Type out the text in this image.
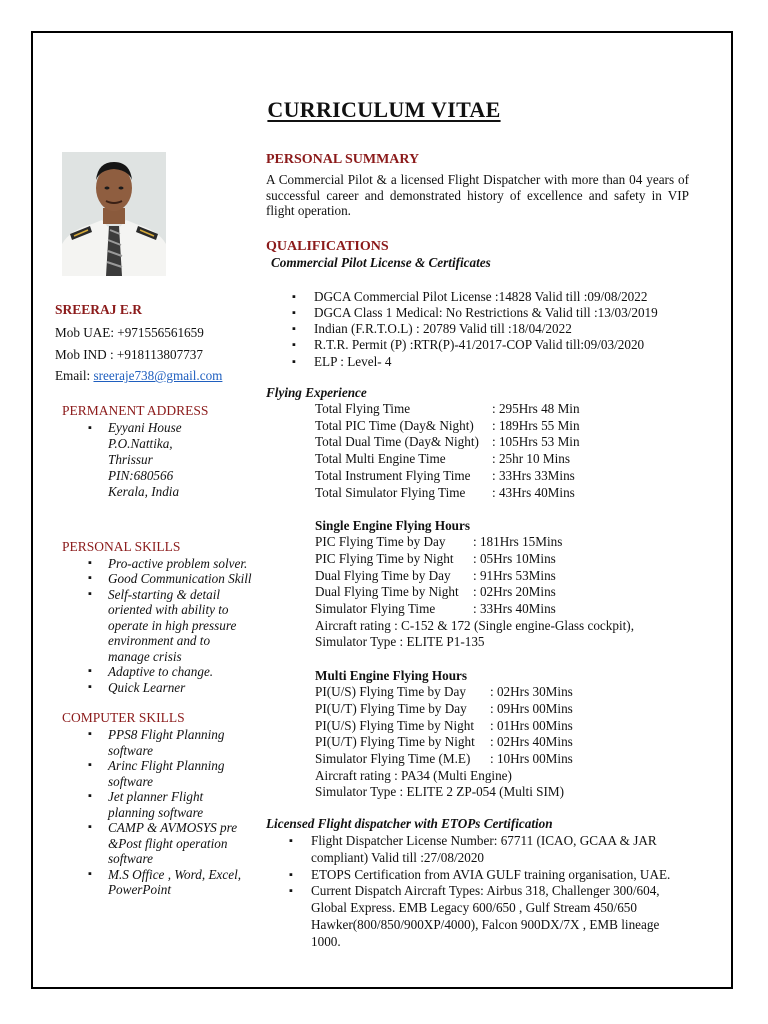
CURRICULUM VITAE
SREERAJ E.R
Mob UAE: +971556561659
Mob IND : +918113807737
Email: sreeraje738@gmail.com
PERMANENT ADDRESS
▪ Eyyani House
P.O.Nattika,
Thrissur
PIN:680566
Kerala, India
PERSONAL SKILLS
▪ Pro-active problem solver.
▪ Good Communication Skill
▪ Self-starting & detail oriented with ability to operate in high pressure environment and to manage crisis
▪ Adaptive to change.
▪ Quick Learner
COMPUTER SKILLS
▪ PPS8 Flight Planning software
▪ Arinc Flight Planning software
▪ Jet planner Flight planning software
▪ CAMP & AVMOSYS pre &Post flight operation software
▪ M.S Office , Word, Excel, PowerPoint
PERSONAL SUMMARY
A Commercial Pilot & a licensed Flight Dispatcher with more than 04 years of successful career and demonstrated history of excellence and safety in VIP flight operation.
QUALIFICATIONS
Commercial Pilot License & Certificates
▪ DGCA Commercial Pilot License :14828 Valid till :09/08/2022
▪ DGCA Class 1 Medical: No Restrictions & Valid till :13/03/2019
▪ Indian (F.R.T.O.L) : 20789 Valid till :18/04/2022
▪ R.T.R. Permit (P) :RTR(P)-41/2017-COP Valid till:09/03/2020
▪ ELP : Level- 4
Flying Experience
Total Flying Time	: 295Hrs 48 Min
Total PIC Time (Day& Night)	: 189Hrs 55 Min
Total Dual Time (Day& Night) : 105Hrs 53 Min
Total Multi Engine Time	: 25hr 10 Mins
Total Instrument Flying Time	: 33Hrs 33Mins
Total Simulator Flying Time	: 43Hrs 40Mins
Single Engine Flying Hours
PIC Flying Time by Day	: 181Hrs 15Mins
PIC Flying Time by Night	: 05Hrs 10Mins
Dual Flying Time by Day	: 91Hrs 53Mins
Dual Flying Time by Night	: 02Hrs 20Mins
Simulator Flying Time	: 33Hrs 40Mins
Aircraft rating : C-152 & 172 (Single engine-Glass cockpit),
Simulator Type : ELITE P1-135
Multi Engine Flying Hours
PI(U/S) Flying Time by Day	: 02Hrs 30Mins
PI(U/T) Flying Time by Day	: 09Hrs 00Mins
PI(U/S) Flying Time by Night	: 01Hrs 00Mins
PI(U/T) Flying Time by Night	: 02Hrs 40Mins
Simulator Flying Time (M.E)	: 10Hrs 00Mins
Aircraft rating : PA34 (Multi Engine)
Simulator Type : ELITE 2 ZP-054 (Multi SIM)
Licensed Flight dispatcher with ETOPs Certification
▪ Flight Dispatcher License Number: 67711 (ICAO, GCAA & JAR compliant) Valid till :27/08/2020
▪ ETOPS Certification from AVIA GULF training organisation, UAE.
▪ Current Dispatch Aircraft Types: Airbus 318, Challenger 300/604, Global Express. EMB Legacy 600/650 , Gulf Stream 450/650 Hawker(800/850/900XP/4000), Falcon 900DX/7X , EMB lineage 1000.
